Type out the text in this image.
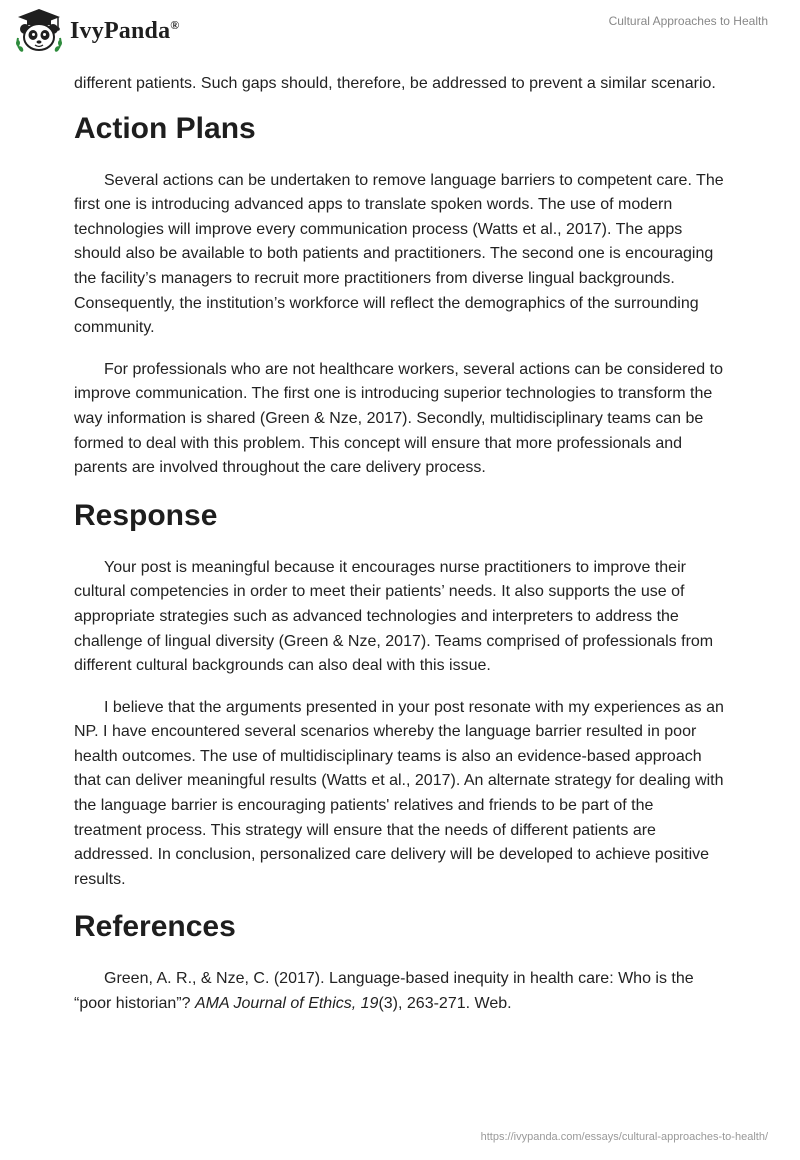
IvyPanda®	Cultural Approaches to Health

different patients. Such gaps should, therefore, be addressed to prevent a similar scenario.

Action Plans

Several actions can be undertaken to remove language barriers to competent care. The first one is introducing advanced apps to translate spoken words. The use of modern technologies will improve every communication process (Watts et al., 2017). The apps should also be available to both patients and practitioners. The second one is encouraging the facility’s managers to recruit more practitioners from diverse lingual backgrounds. Consequently, the institution’s workforce will reflect the demographics of the surrounding community.

For professionals who are not healthcare workers, several actions can be considered to improve communication. The first one is introducing superior technologies to transform the way information is shared (Green & Nze, 2017). Secondly, multidisciplinary teams can be formed to deal with this problem. This concept will ensure that more professionals and parents are involved throughout the care delivery process.

Response

Your post is meaningful because it encourages nurse practitioners to improve their cultural competencies in order to meet their patients’ needs. It also supports the use of appropriate strategies such as advanced technologies and interpreters to address the challenge of lingual diversity (Green & Nze, 2017). Teams comprised of professionals from different cultural backgrounds can also deal with this issue.

I believe that the arguments presented in your post resonate with my experiences as an NP. I have encountered several scenarios whereby the language barrier resulted in poor health outcomes. The use of multidisciplinary teams is also an evidence-based approach that can deliver meaningful results (Watts et al., 2017). An alternate strategy for dealing with the language barrier is encouraging patients' relatives and friends to be part of the treatment process. This strategy will ensure that the needs of different patients are addressed. In conclusion, personalized care delivery will be developed to achieve positive results.

References

Green, A. R., & Nze, C. (2017). Language-based inequity in health care: Who is the “poor historian”? AMA Journal of Ethics, 19(3), 263-271. Web.

https://ivypanda.com/essays/cultural-approaches-to-health/
